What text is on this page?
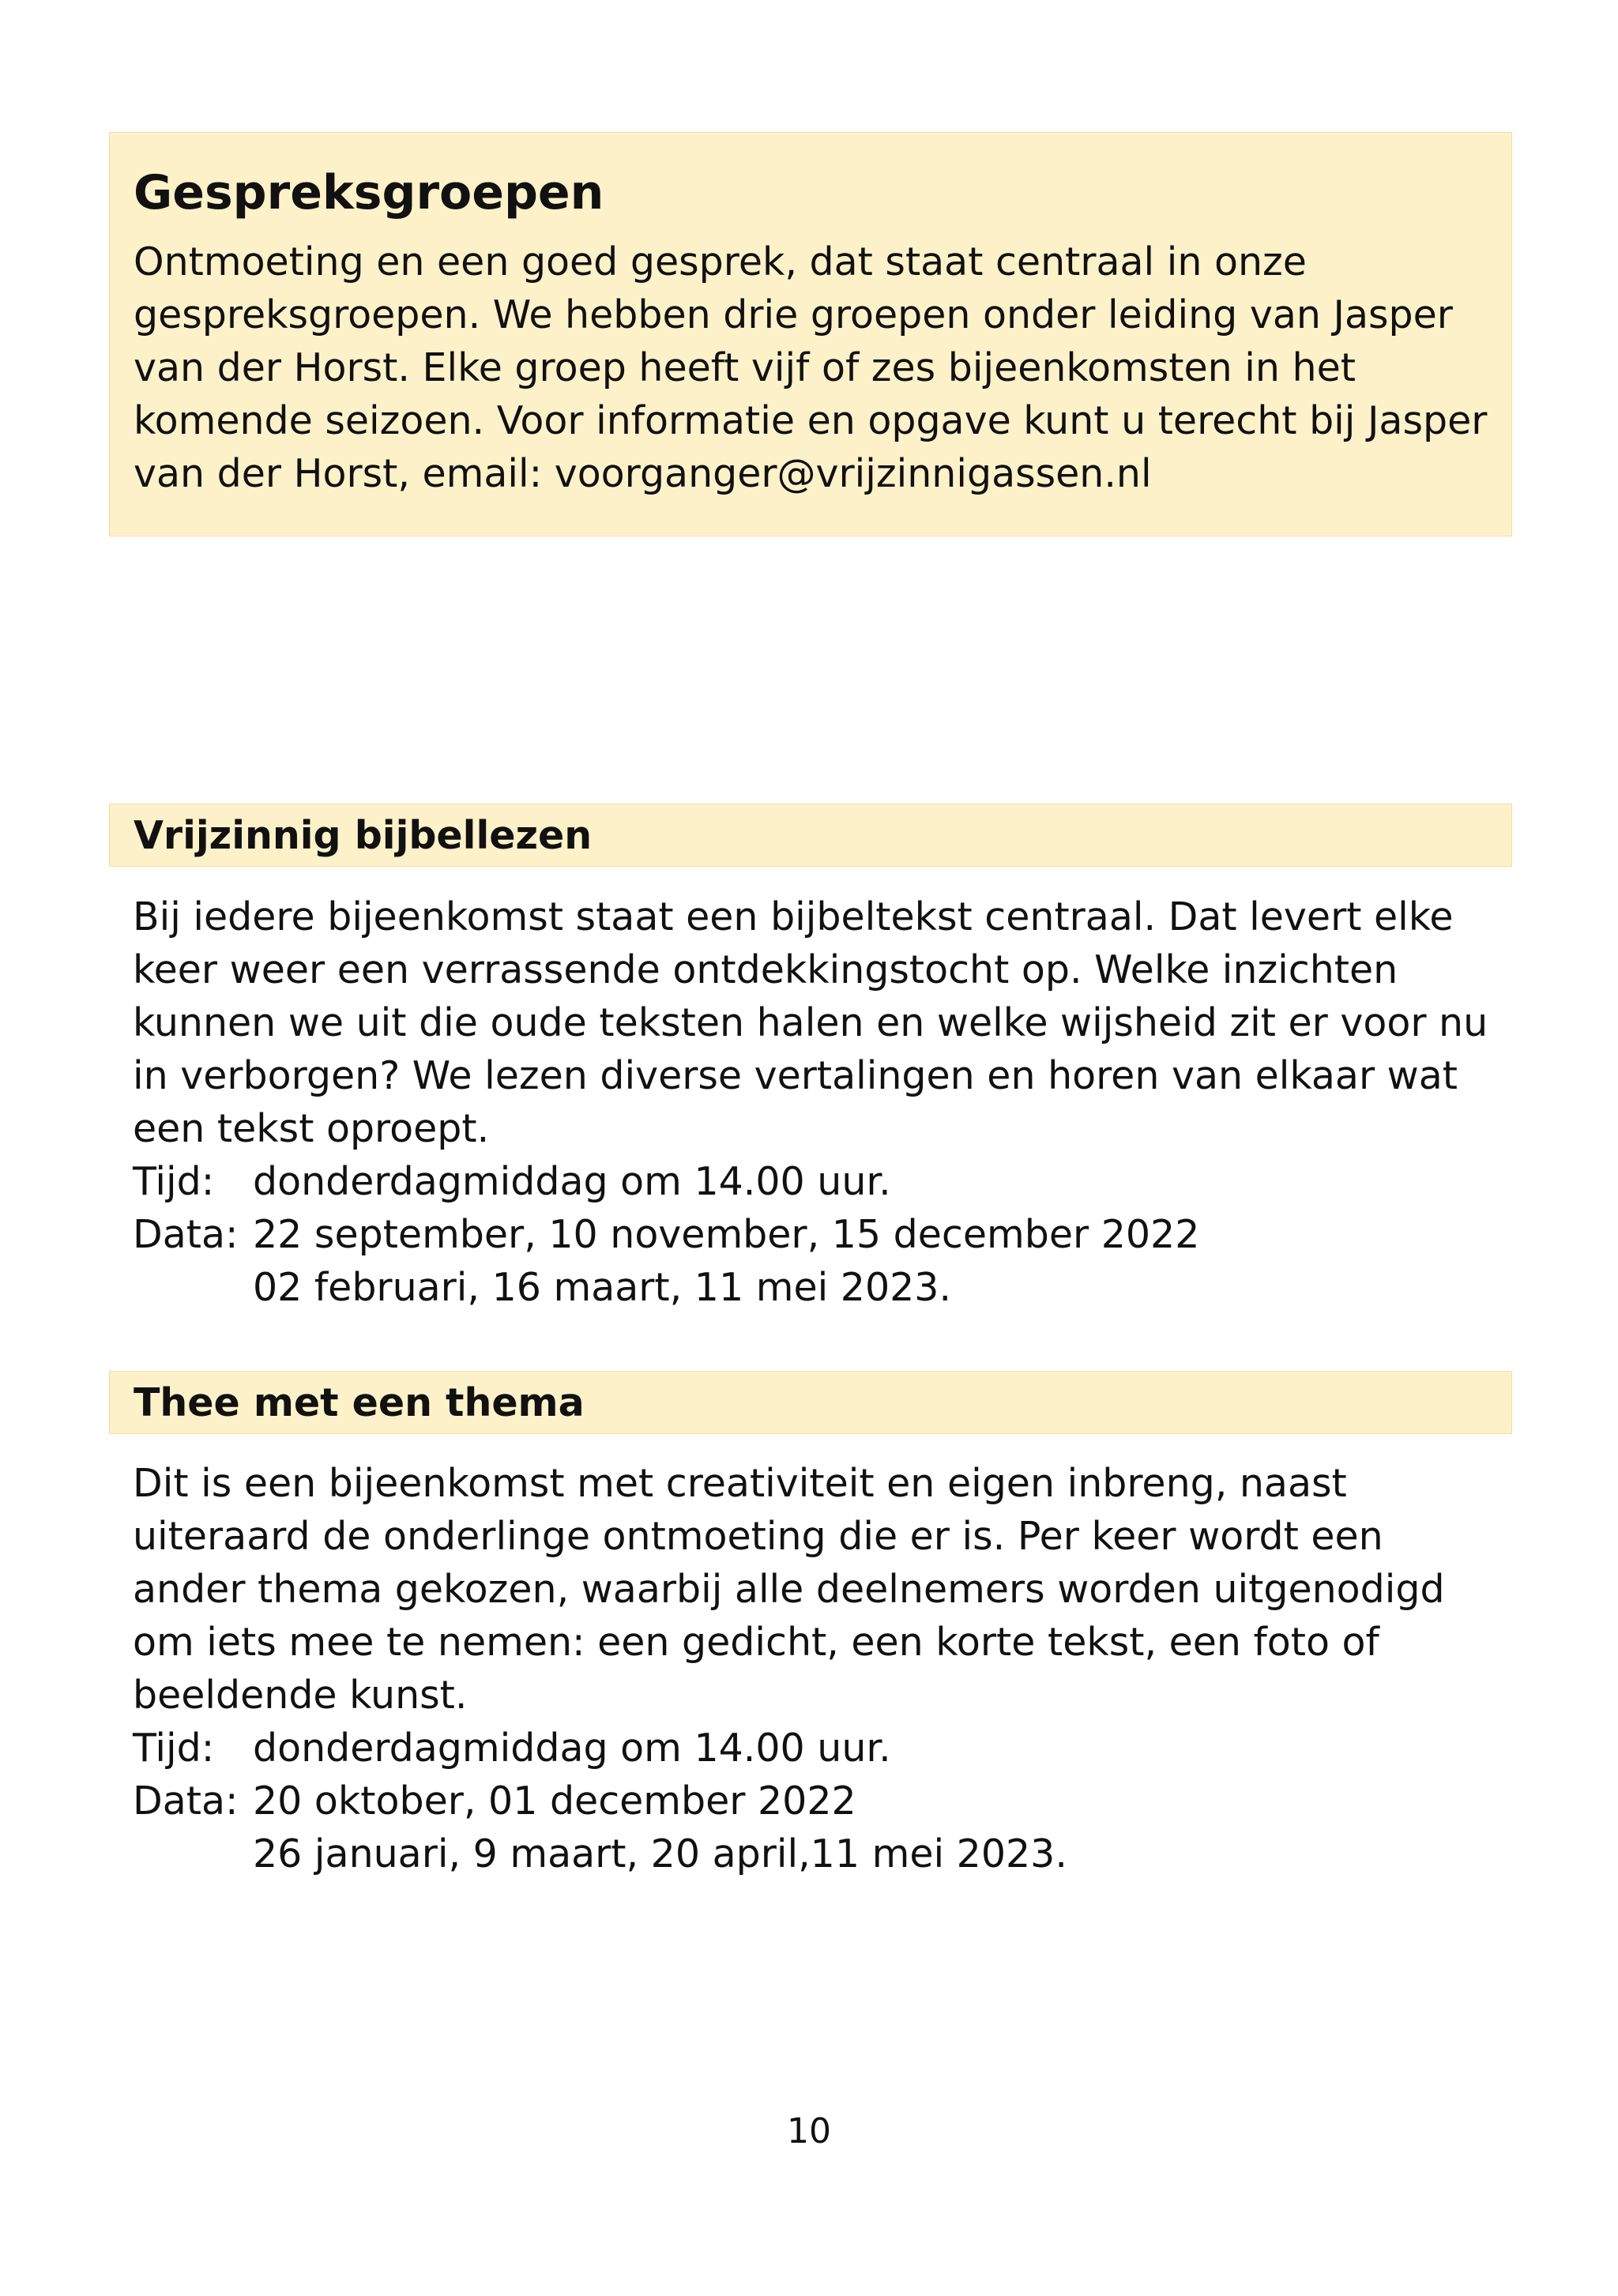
Gespreksgroepen

Ontmoeting en een goed gesprek, dat staat centraal in onze gespreksgroepen. We hebben drie groepen onder leiding van Jasper van der Horst. Elke groep heeft vijf of zes bijeenkomsten in het komende seizoen. Voor informatie en opgave kunt u terecht bij Jasper van der Horst, email: voorganger@vrijzinnigassen.nl

Vrijzinnig bijbellezen

Bij iedere bijeenkomst staat een bijbeltekst centraal. Dat levert elke keer weer een verrassende ontdekkingstocht op. Welke inzichten kunnen we uit die oude teksten halen en welke wijsheid zit er voor nu in verborgen? We lezen diverse vertalingen en horen van elkaar wat een tekst oproept.

Tijd: donderdagmiddag om 14.00 uur.
Data: 22 september, 10 november, 15 december 2022
02 februari, 16 maart, 11 mei 2023.
Thee met een thema

Dit is een bijeenkomst met creativiteit en eigen inbreng, naast uiteraard de onderlinge ontmoeting die er is. Per keer wordt een ander thema gekozen, waarbij alle deelnemers worden uitgenodigd om iets mee te nemen: een gedicht, een korte tekst, een foto of beeldende kunst.

Tijd: donderdagmiddag om 14.00 uur.
Data: 20 oktober, 01 december 2022
26 januari, 9 maart, 20 april,11 mei 2023.
10
